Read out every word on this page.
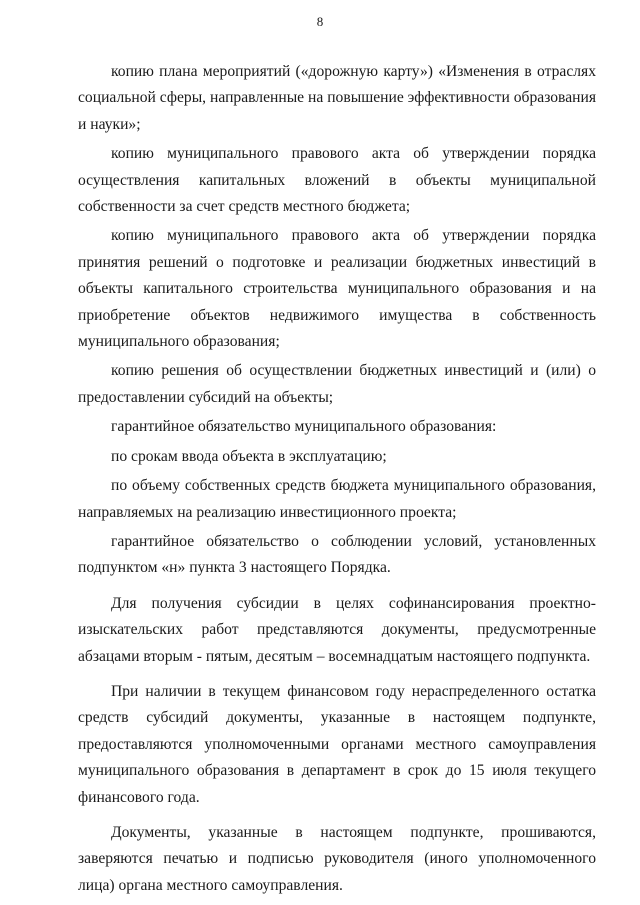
8

копию плана мероприятий («дорожную карту») «Изменения в отраслях социальной сферы, направленные на повышение эффективности образования и науки»;

копию муниципального правового акта об утверждении порядка осуществления капитальных вложений в объекты муниципальной собственности за счет средств местного бюджета;

копию муниципального правового акта об утверждении порядка принятия решений о подготовке и реализации бюджетных инвестиций в объекты капитального строительства муниципального образования и на приобретение объектов недвижимого имущества в собственность муниципального образования;

копию решения об осуществлении бюджетных инвестиций и (или) о предоставлении субсидий на объекты;

гарантийное обязательство муниципального образования:

по срокам ввода объекта в эксплуатацию;

по объему собственных средств бюджета муниципального образования, направляемых на реализацию инвестиционного проекта;

гарантийное обязательство о соблюдении условий, установленных подпунктом «н» пункта 3 настоящего Порядка.

Для получения субсидии в целях софинансирования проектно-изыскательских работ представляются документы, предусмотренные абзацами вторым - пятым, десятым – восемнадцатым настоящего подпункта.

При наличии в текущем финансовом году нераспределенного остатка средств субсидий документы, указанные в настоящем подпункте, предоставляются уполномоченными органами местного самоуправления муниципального образования в департамент в срок до 15 июля текущего финансового года.

Документы, указанные в настоящем подпункте, прошиваются, заверяются печатью и подписью руководителя (иного уполномоченного лица) органа местного самоуправления.
